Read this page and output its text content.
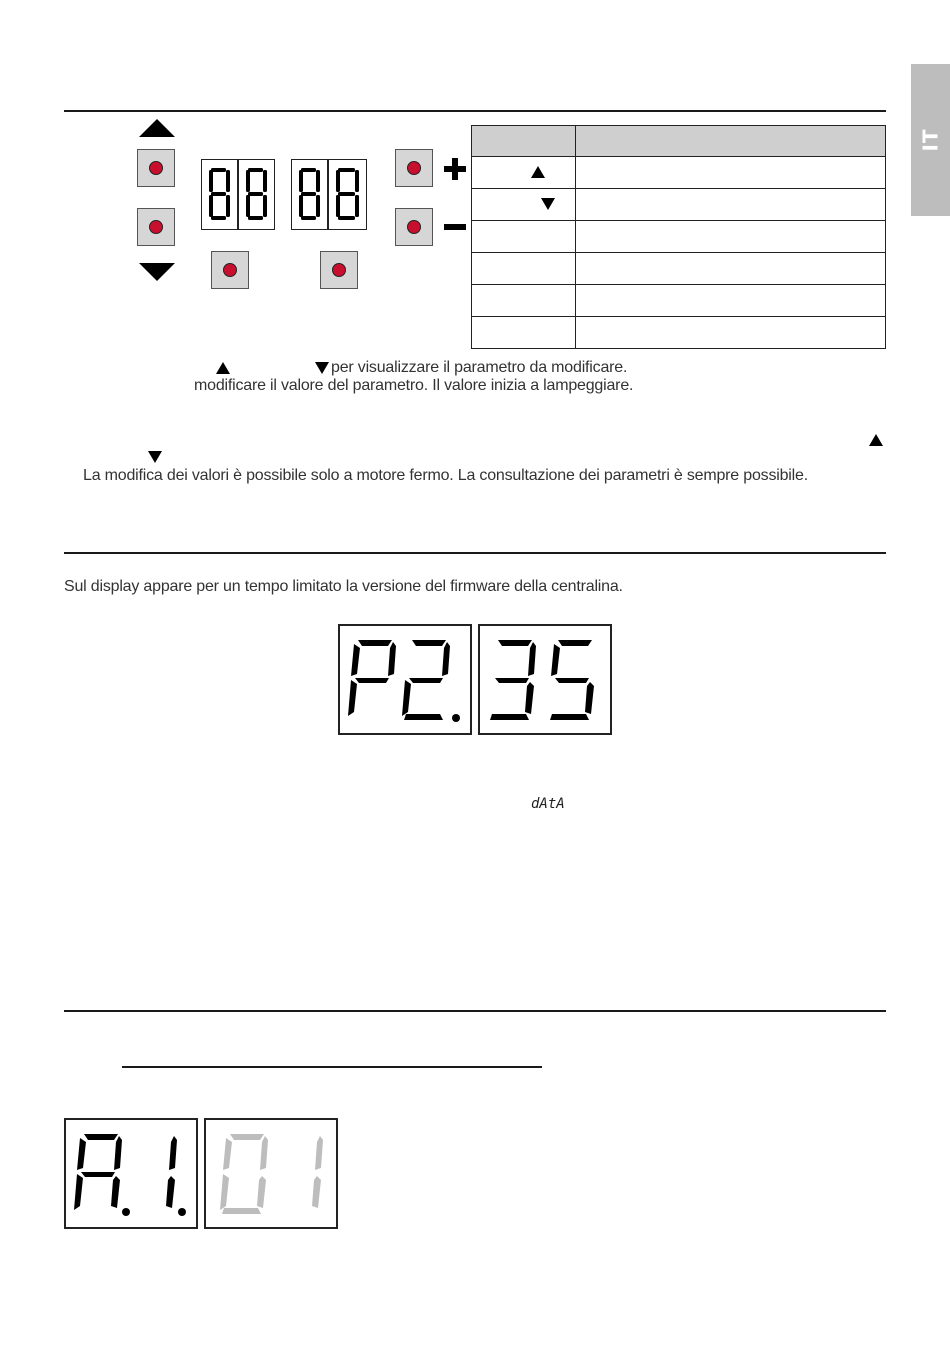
IT

per visualizzare il parametro da modificare.
modificare il valore del parametro. Il valore inizia a lampeggiare.
La modifica dei valori è possibile solo a motore fermo. La consultazione dei parametri è sempre possibile.
Sul display appare per un tempo limitato la versione del firmware della centralina.
dAtA
